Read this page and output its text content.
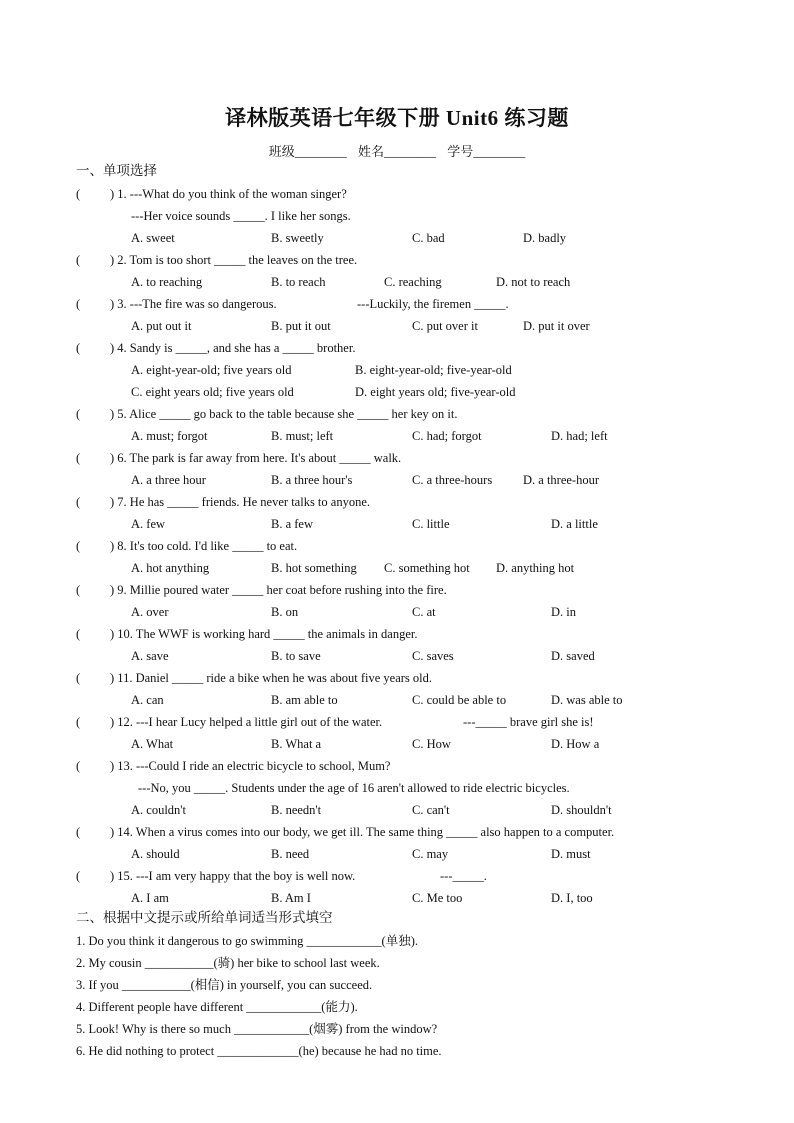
译林版英语七年级下册 Unit6 练习题
班级________ 姓名________ 学号________
一、单项选择
( ) 1. ---What do you think of the woman singer?
---Her voice sounds _____. I like her songs.
A. sweet	B. sweetly	C. bad	D. badly
( ) 2. Tom is too short _____ the leaves on the tree.
A. to reaching	B. to reach	C. reaching	D. not to reach
( ) 3. ---The fire was so dangerous.	---Luckily, the firemen _____.
A. put out it	B. put it out	C. put over it	D. put it over
( ) 4. Sandy is _____, and she has a _____ brother.
A. eight-year-old; five years old	B. eight-year-old; five-year-old
C. eight years old; five years old	D. eight years old; five-year-old
( ) 5. Alice _____ go back to the table because she _____ her key on it.
A. must; forgot	B. must; left	C. had; forgot	D. had; left
( ) 6. The park is far away from here. It's about _____ walk.
A. a three hour	B. a three hour's	C. a three-hours D. a three-hour
( ) 7. He has _____ friends. He never talks to anyone.
A. few	B. a few	C. little	D. a little
( ) 8. It's too cold. I'd like _____ to eat.
A. hot anything	B. hot something C. something hot D. anything hot
( ) 9. Millie poured water _____ her coat before rushing into the fire.
A. over	B. on	C. at	D. in
( ) 10. The WWF is working hard _____ the animals in danger.
A. save	B. to save	C. saves	D. saved
( ) 11. Daniel _____ ride a bike when he was about five years old.
A. can	B. am able to	C. could be able to	D. was able to
( ) 12. ---I hear Lucy helped a little girl out of the water.	---_____ brave girl she is!
A. What	B. What a	C. How	D. How a
( ) 13. ---Could I ride an electric bicycle to school, Mum?
---No, you _____. Students under the age of 16 aren't allowed to ride electric bicycles.
A. couldn't	B. needn't	C. can't	D. shouldn't
( ) 14. When a virus comes into our body, we get ill. The same thing _____ also happen to a computer.
A. should	B. need	C. may	D. must
( ) 15. ---I am very happy that the boy is well now.	---_____.
A. I am	B. Am I	C. Me too	D. I, too
二、根据中文提示或所给单词适当形式填空
1. Do you think it dangerous to go swimming ____________(单独).
2. My cousin ___________(骑) her bike to school last week.
3. If you ___________(相信) in yourself, you can succeed.
4. Different people have different ____________(能力).
5. Look! Why is there so much ____________(烟雾) from the window?
6. He did nothing to protect _____________(he) because he had no time.
